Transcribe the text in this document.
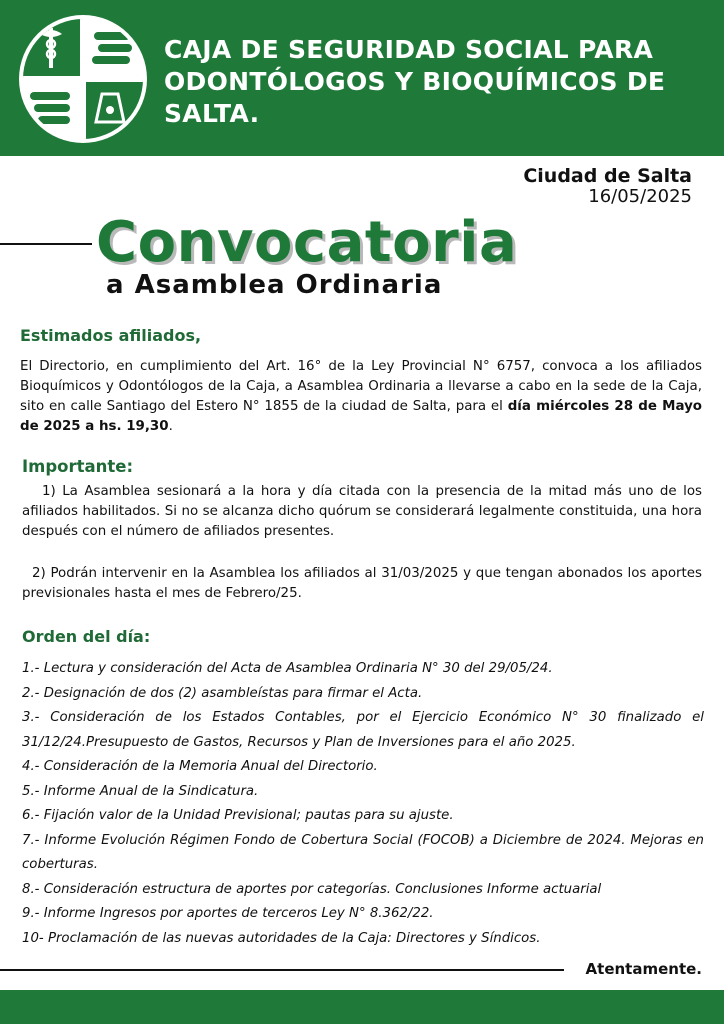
CAJA DE SEGURIDAD SOCIAL PARA
ODONTÓLOGOS Y BIOQUÍMICOS DE
SALTA.
Ciudad de Salta
16/05/2025
Convocatoria
a Asamblea Ordinaria
Estimados afiliados,
El Directorio, en cumplimiento del Art. 16° de la Ley Provincial N° 6757, convoca a los afiliados Bioquímicos y Odontólogos de la Caja, a Asamblea Ordinaria a llevarse a cabo en la sede de la Caja, sito en calle Santiago del Estero N° 1855 de la ciudad de Salta, para el día miércoles 28 de Mayo de 2025 a hs. 19,30.
Importante:
1) La Asamblea sesionará a la hora y día citada con la presencia de la mitad más uno de los afiliados habilitados. Si no se alcanza dicho quórum se considerará legalmente constituida, una hora después con el número de afiliados presentes.
2) Podrán intervenir en la Asamblea los afiliados al 31/03/2025 y que tengan abonados los aportes previsionales hasta el mes de Febrero/25.
Orden del día:
1.- Lectura y consideración del Acta de Asamblea Ordinaria N° 30 del 29/05/24.
2.- Designación de dos (2) asambleístas para firmar el Acta.
3.- Consideración de los Estados Contables, por el Ejercicio Económico N° 30 finalizado el 31/12/24.Presupuesto de Gastos, Recursos y Plan de Inversiones para el año 2025.
4.- Consideración de la Memoria Anual del Directorio.
5.- Informe Anual de la Sindicatura.
6.- Fijación valor de la Unidad Previsional; pautas para su ajuste.
7.- Informe Evolución Régimen Fondo de Cobertura Social (FOCOB) a Diciembre de 2024. Mejoras en coberturas.
8.- Consideración estructura de aportes por categorías. Conclusiones Informe actuarial
9.- Informe Ingresos por aportes de terceros Ley N° 8.362/22.
10- Proclamación de las nuevas autoridades de la Caja: Directores y Síndicos.
Atentamente.
